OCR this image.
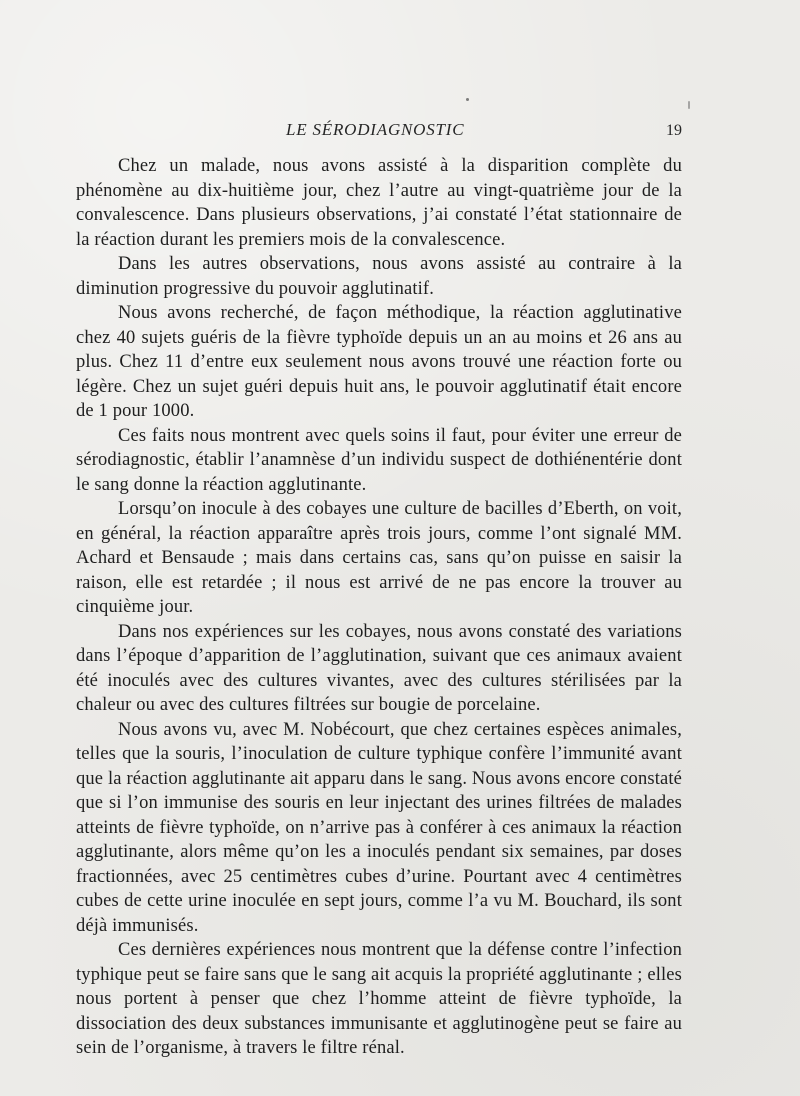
LE SÉRODIAGNOSTIC	19

Chez un malade, nous avons assisté à la disparition complète du phénomène au dix-huitième jour, chez l’autre au vingt-quatrième jour de la convalescence. Dans plusieurs observations, j’ai constaté l’état stationnaire de la réaction durant les premiers mois de la convalescence.

Dans les autres observations, nous avons assisté au contraire à la diminution progressive du pouvoir agglutinatif.

Nous avons recherché, de façon méthodique, la réaction agglutinative chez 40 sujets guéris de la fièvre typhoïde depuis un an au moins et 26 ans au plus. Chez 11 d’entre eux seulement nous avons trouvé une réaction forte ou légère. Chez un sujet guéri depuis huit ans, le pouvoir agglutinatif était encore de 1 pour 1000.

Ces faits nous montrent avec quels soins il faut, pour éviter une erreur de sérodiagnostic, établir l’anamnèse d’un individu suspect de dothiénentérie dont le sang donne la réaction agglutinante.

Lorsqu’on inocule à des cobayes une culture de bacilles d’Eberth, on voit, en général, la réaction apparaître après trois jours, comme l’ont signalé MM. Achard et Bensaude ; mais dans certains cas, sans qu’on puisse en saisir la raison, elle est retardée ; il nous est arrivé de ne pas encore la trouver au cinquième jour.

Dans nos expériences sur les cobayes, nous avons constaté des variations dans l’époque d’apparition de l’agglutination, suivant que ces animaux avaient été inoculés avec des cultures vivantes, avec des cultures stérilisées par la chaleur ou avec des cultures filtrées sur bougie de porcelaine.

Nous avons vu, avec M. Nobécourt, que chez certaines espèces animales, telles que la souris, l’inoculation de culture typhique confère l’immunité avant que la réaction agglutinante ait apparu dans le sang. Nous avons encore constaté que si l’on immunise des souris en leur injectant des urines filtrées de malades atteints de fièvre typhoïde, on n’arrive pas à conférer à ces animaux la réaction agglutinante, alors même qu’on les a inoculés pendant six semaines, par doses fractionnées, avec 25 centimètres cubes d’urine. Pourtant avec 4 centimètres cubes de cette urine inoculée en sept jours, comme l’a vu M. Bouchard, ils sont déjà immunisés.

Ces dernières expériences nous montrent que la défense contre l’infection typhique peut se faire sans que le sang ait acquis la propriété agglutinante ; elles nous portent à penser que chez l’homme atteint de fièvre typhoïde, la dissociation des deux substances immunisante et agglutinogène peut se faire au sein de l’organisme, à travers le filtre rénal.
